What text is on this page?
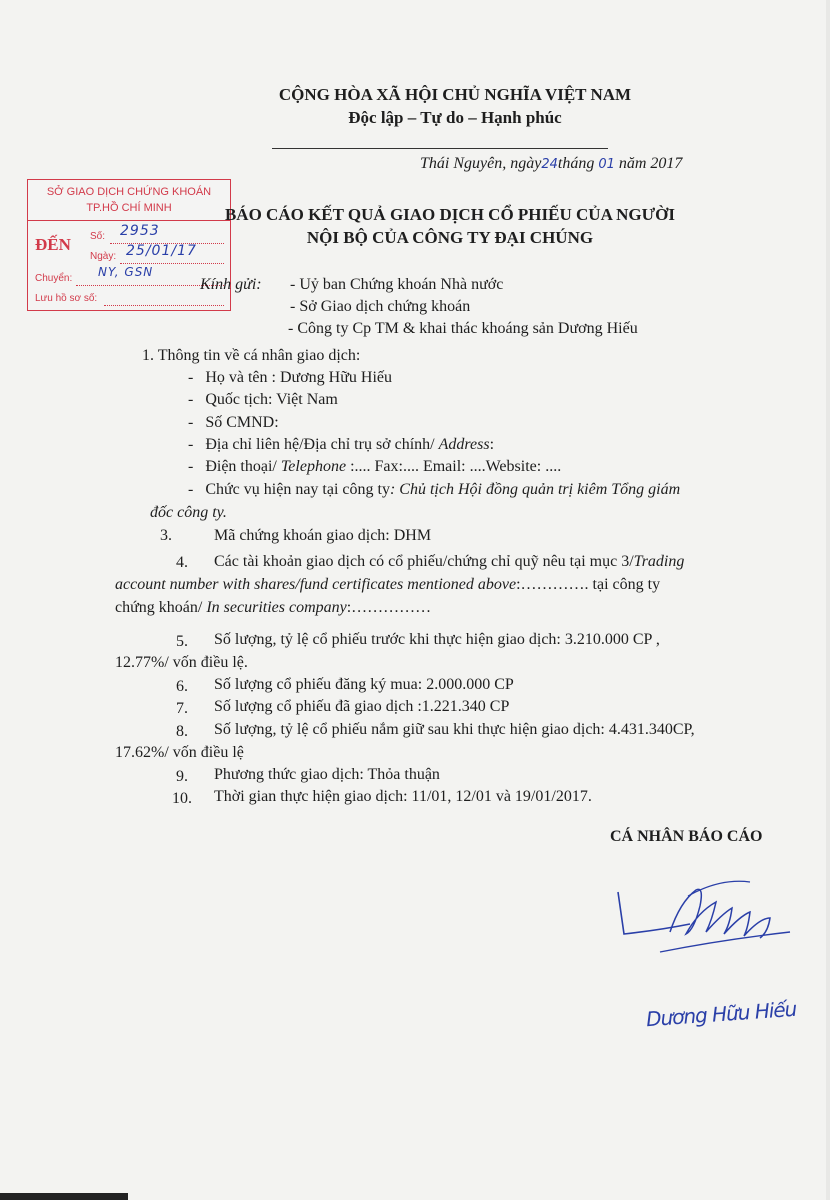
CỘNG HÒA XÃ HỘI CHỦ NGHĨA VIỆT NAM
Độc lập – Tự do – Hạnh phúc
Thái Nguyên, ngày24tháng 01 năm 2017
SỞ GIAO DỊCH CHỨNG KHOÁN
TP.HỒ CHÍ MINH
ĐẾN Số: 2953
Ngày: 25/01/17
Chuyển: NY, GSN
Lưu hồ sơ số:
BÁO CÁO KẾT QUẢ GIAO DỊCH CỔ PHIẾU CỦA NGƯỜI
NỘI BỘ CỦA CÔNG TY ĐẠI CHÚNG
Kính gửi: - Uỷ ban Chứng khoán Nhà nước
- Sở Giao dịch chứng khoán
- Công ty Cp TM & khai thác khoáng sản Dương Hiếu
1. Thông tin về cá nhân giao dịch:
-   Họ và tên : Dương Hữu Hiếu
-   Quốc tịch: Việt Nam
-   Số CMND:
-   Địa chỉ liên hệ/Địa chỉ trụ sở chính/ Address:
-   Điện thoại/ Telephone :.... Fax:.... Email: ....Website: ....
-   Chức vụ hiện nay tại công ty: Chủ tịch Hội đồng quản trị kiêm Tổng giám
đốc công ty.
3.	Mã chứng khoán giao dịch: DHM
4. Các tài khoản giao dịch có cổ phiếu/chứng chỉ quỹ nêu tại mục 3/Trading
account number with shares/fund certificates mentioned above:…………. tại công ty
chứng khoán/ In securities company:……………
5. Số lượng, tỷ lệ cổ phiếu trước khi thực hiện giao dịch: 3.210.000 CP ,
12.77%/ vốn điều lệ.
6. Số lượng cổ phiếu đăng ký mua: 2.000.000 CP
7. Số lượng cổ phiếu đã giao dịch :1.221.340 CP
8. Số lượng, tỷ lệ cổ phiếu nắm giữ sau khi thực hiện giao dịch: 4.431.340CP,
17.62%/ vốn điều lệ
9. Phương thức giao dịch: Thỏa thuận
10. Thời gian thực hiện giao dịch: 11/01, 12/01 và 19/01/2017.
CÁ NHÂN BÁO CÁO
Dương Hữu Hiếu
